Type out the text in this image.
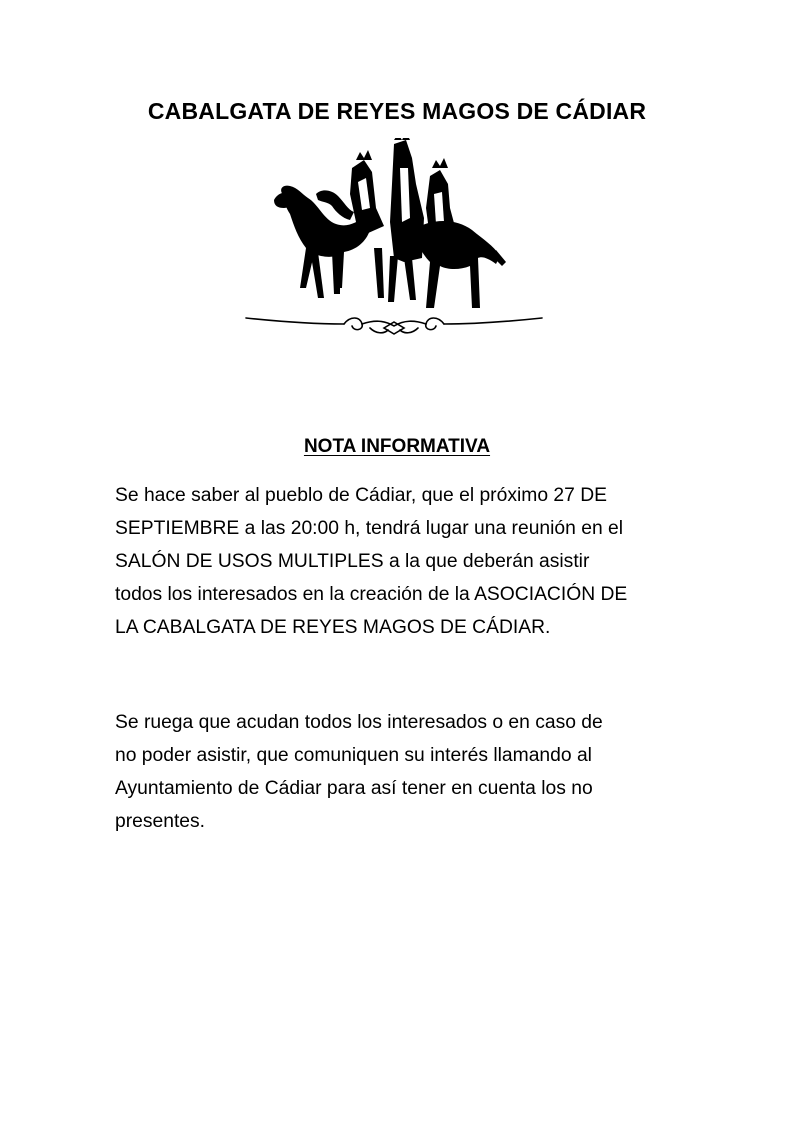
CABALGATA DE REYES MAGOS DE CÁDIAR
NOTA INFORMATIVA

Se hace saber al pueblo de Cádiar, que el próximo 27 DE
SEPTIEMBRE a las 20:00 h, tendrá lugar una reunión en el
SALÓN DE USOS MULTIPLES a la que deberán asistir
todos los interesados en la creación de la ASOCIACIÓN DE
LA CABALGATA DE REYES MAGOS DE CÁDIAR.

Se ruega que acudan todos los interesados o en caso de
no poder asistir, que comuniquen su interés llamando al
Ayuntamiento de Cádiar para así tener en cuenta los no
presentes.
